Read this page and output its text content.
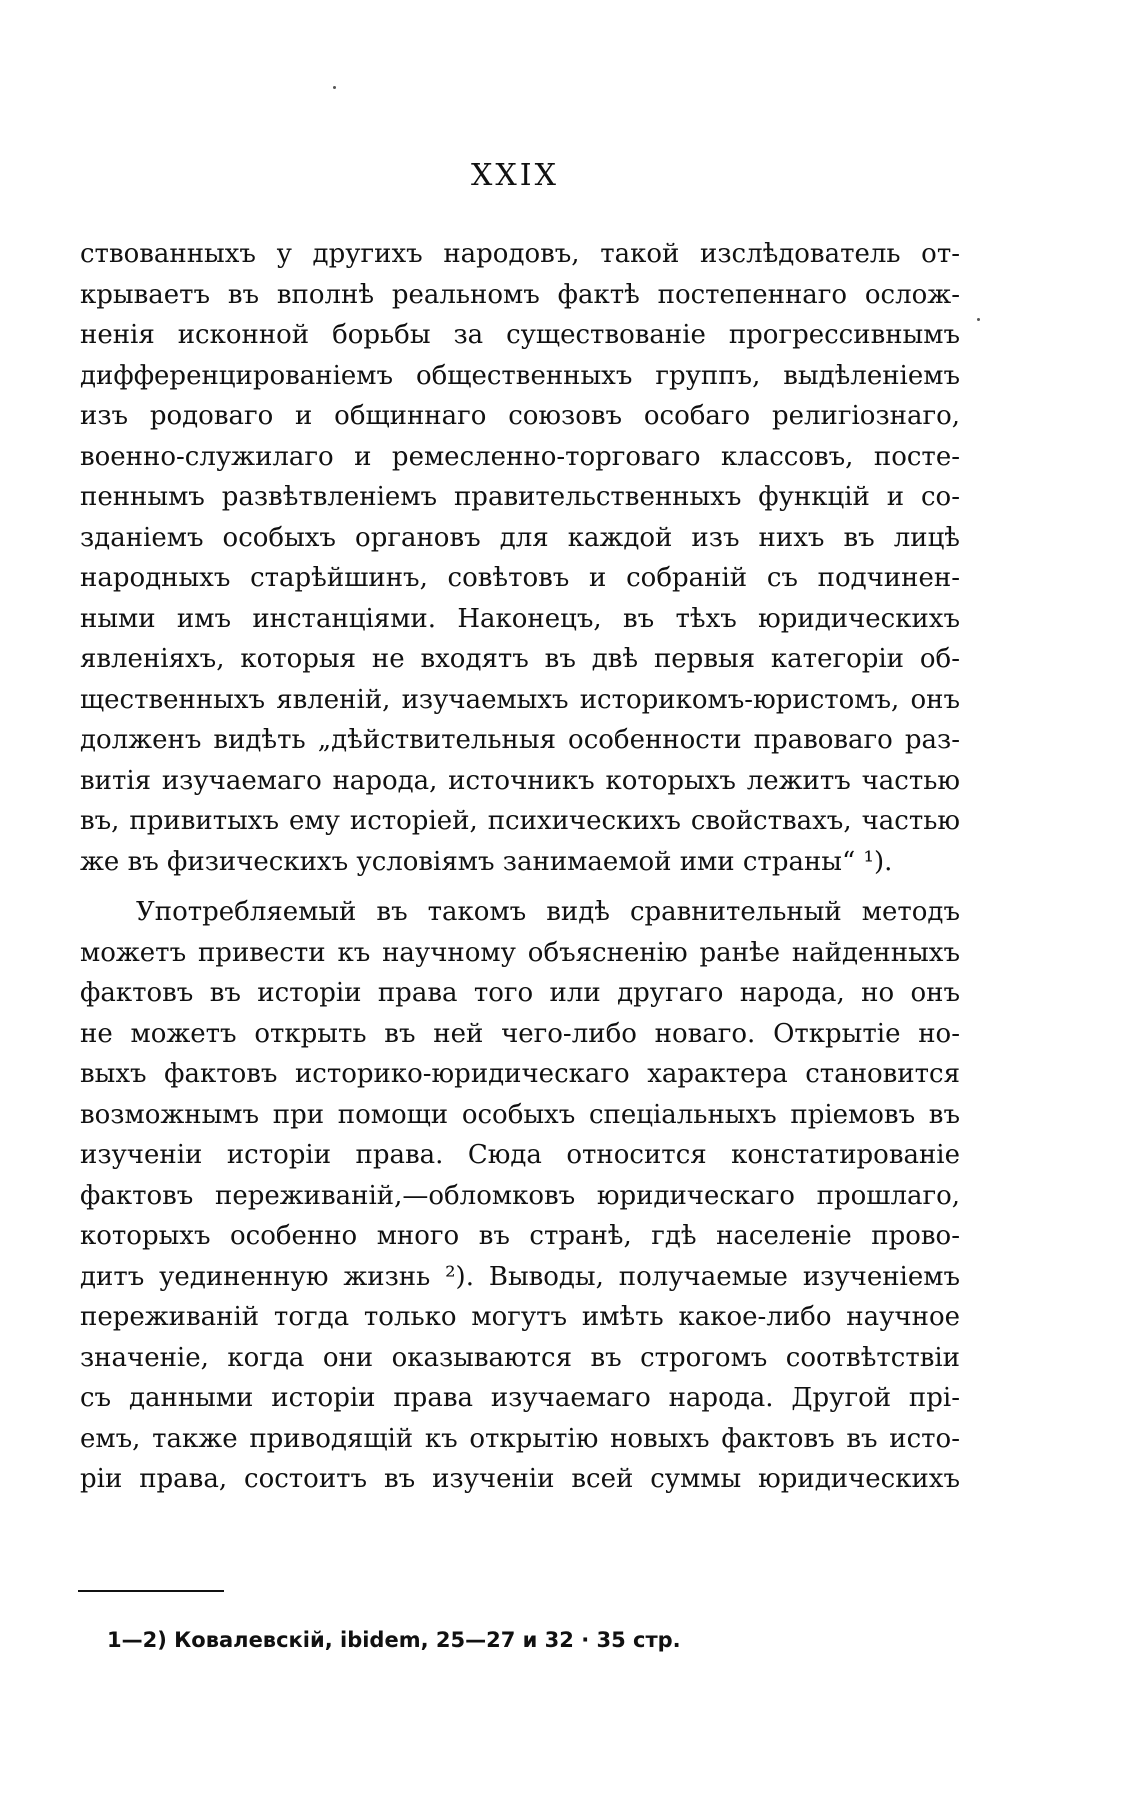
XXIX
ствованныхъ у другихъ народовъ, такой изслѣдователь от-
крываетъ въ вполнѣ реальномъ фактѣ постепеннаго ослож-
ненія исконной борьбы за существованіе прогрессивнымъ
дифференцированіемъ общественныхъ группъ, выдѣленіемъ
изъ родоваго и общиннаго союзовъ особаго религіознаго,
военно-служилаго и ремесленно-торговаго классовъ, посте-
пеннымъ развѣтвленіемъ правительственныхъ функцій и со-
зданіемъ особыхъ органовъ для каждой изъ нихъ въ лицѣ
народныхъ старѣйшинъ, совѣтовъ и собраній съ подчинен-
ными имъ инстанціями. Наконецъ, въ тѣхъ юридическихъ
явленіяхъ, которыя не входятъ въ двѣ первыя категоріи об-
щественныхъ явленій, изучаемыхъ историкомъ-юристомъ, онъ
долженъ видѣть „дѣйствительныя особенности правоваго раз-
витія изучаемаго народа, источникъ которыхъ лежитъ частью
въ, привитыхъ ему исторіей, психическихъ свойствахъ, частью
же въ физическихъ условіямъ занимаемой ими страны“ ¹).
Употребляемый въ такомъ видѣ сравнительный методъ
можетъ привести къ научному объясненію ранѣе найденныхъ
фактовъ въ исторіи права того или другаго народа, но онъ
не можетъ открыть въ ней чего-либо новаго. Открытіе но-
выхъ фактовъ историко-юридическаго характера становится
возможнымъ при помощи особыхъ спеціальныхъ пріемовъ въ
изученіи исторіи права. Сюда относится констатированіе
фактовъ переживаній,—обломковъ юридическаго прошлаго,
которыхъ особенно много въ странѣ, гдѣ населеніе прово-
дитъ уединенную жизнь ²). Выводы, получаемые изученіемъ
переживаній тогда только могутъ имѣть какое-либо научное
значеніе, когда они оказываются въ строгомъ соотвѣтствіи
съ данными исторіи права изучаемаго народа. Другой прі-
емъ, также приводящій къ открытію новыхъ фактовъ въ исто-
ріи права, состоитъ въ изученіи всей суммы юридическихъ
1—2) Ковалевскій, ibidem, 25—27 и 32 · 35 стр.
